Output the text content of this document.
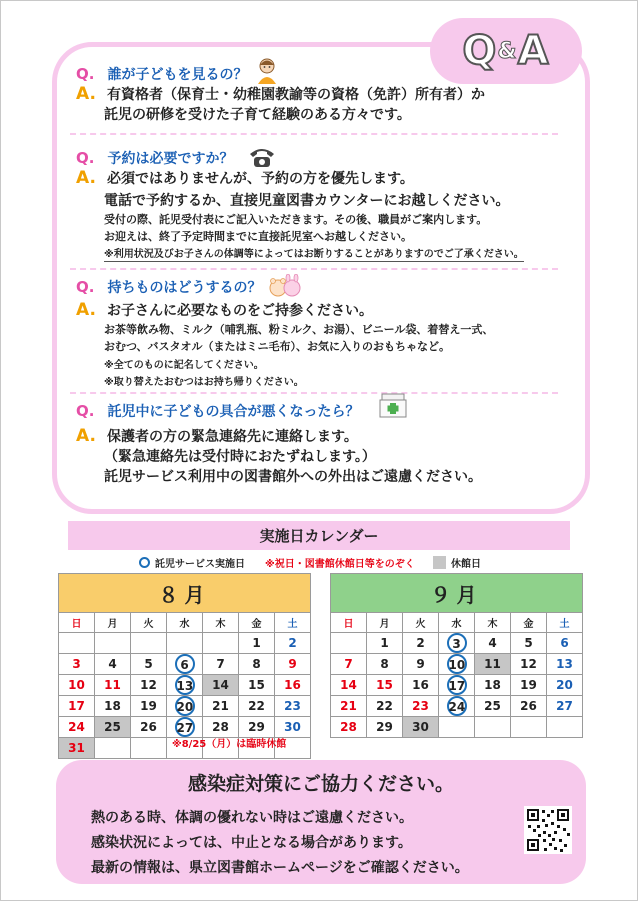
Q & A
Q. 誰が子どもを見るの？
A. 有資格者（保育士・幼稚園教諭等の資格（免許）所有者）か
託児の研修を受けた子育て経験のある方々です。
Q. 予約は必要ですか？
A. 必須ではありませんが、予約の方を優先します。
電話で予約するか、直接児童図書カウンターにお越しください。
受付の際、託児受付表にご記入いただきます。その後、職員がご案内します。
お迎えは、終了予定時間までに直接託児室へお越しください。
※利用状況及びお子さんの体調等によってはお断りすることがありますのでご了承ください。
Q. 持ちものはどうするの？
A. お子さんに必要なものをご持参ください。
お茶等飲み物、ミルク（哺乳瓶、粉ミルク、お湯）、ビニール袋、着替え一式、
おむつ、バスタオル（またはミニ毛布）、お気に入りのおもちゃなど。
※全てのものに記名してください。
※取り替えたおむつはお持ち帰りください。
Q. 託児中に子どもの具合が悪くなったら？
A. 保護者の方の緊急連絡先に連絡します。
（緊急連絡先は受付時におたずねします。）
託児サービス利用中の図書館外への外出はご遠慮ください。
実施日カレンダー
託児サービス実施日 ※祝日・図書館休館日等をのぞく	休館日
８月						
日	月	火	水	木	金	土
					1	2
3	4	5	6	7	8	9
10	11	12	13	14	15	16
17	18	19	20	21	22	23
24	25	26	27	28	29	30
31							※8/25（月）は臨時休館
９月						
日	月	火	水	木	金	土
	1	2	3	4	5	6
7	8	9	10	11	12	13
14	15	16	17	18	19	20
21	22	23	24	25	26	27
28	29	30				
感染症対策にご協力ください。
熱のある時、体調の優れない時はご遠慮ください。
感染状況によっては、中止となる場合があります。
最新の情報は、県立図書館ホームページをご確認ください。
